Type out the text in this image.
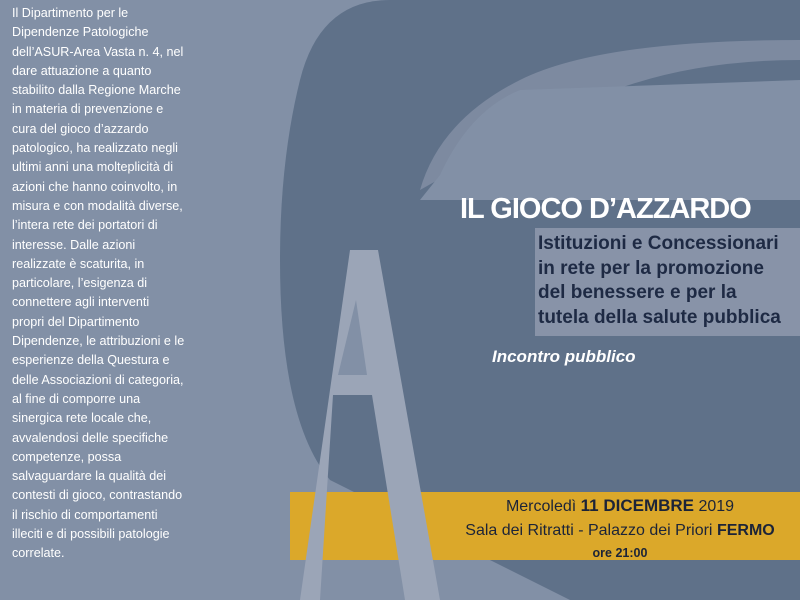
Il Dipartimento per le
Dipendenze Patologiche
dell’ASUR-Area Vasta n. 4, nel
dare attuazione a quanto
stabilito dalla Regione Marche
in materia di prevenzione e
cura del gioco d’azzardo
patologico, ha realizzato negli
ultimi anni una molteplicità di
azioni che hanno coinvolto, in
misura e con modalità diverse,
l’intera rete dei portatori di
interesse. Dalle azioni
realizzate è scaturita, in
particolare, l’esigenza di
connettere agli interventi
propri del Dipartimento
Dipendenze, le attribuzioni e le
esperienze della Questura e
delle Associazioni di categoria,
al fine di comporre una
sinergica rete locale che,
avvalendosi delle specifiche
competenze, possa
salvaguardare la qualità dei
contesti di gioco, contrastando
il rischio di comportamenti
illeciti e di possibili patologie
correlate.

IL GIOCO D’AZZARDO

Istituzioni e Concessionari
in rete per la promozione
del benessere e per la
tutela della salute pubblica

Incontro pubblico
Mercoledì 11 DICEMBRE 2019
Sala dei Ritratti - Palazzo dei Priori FERMO
ore 21:00
